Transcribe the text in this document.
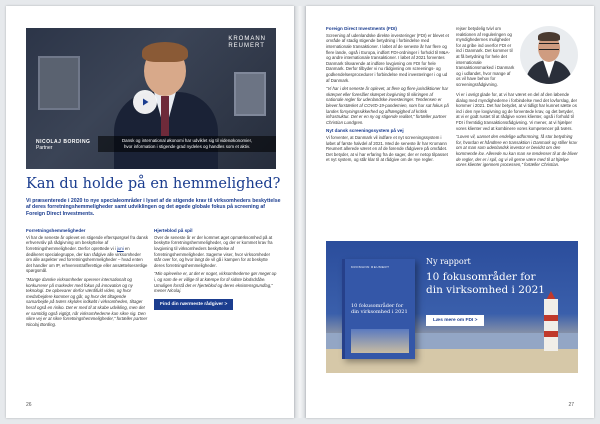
KROMANN
REUMERT
NICOLAJ BORDING
Partner
Dansk og international økonomi har udviklet sig til videnøkonomier,
hvor information i stigende grad nydeles og handles som et aktiv.
Kan du holde på en hemmelighed?
Vi præsenterede i 2020 to nye specialeområder i lyset af de stigende krav til virksomheders beskyttelse af deres forretningshemmeligheder samt udviklingen og det øgede globale fokus på screening af Foreign Direct Investments.
Forretningshemmeligheder

Vi har de seneste år oplevet en stigende efterspørgsel fra dansk erhvervsliv på rådgivning om beskyttelse af forretningshemmeligheder. Derfor oprettede vi i juni en dedikeret specialegruppe, der kan rådgive alle virksomheder om alle aspekter ved forretningshemmeligheder – hvad enten det handler om IP, erhvervsstrafferettige eller ansættelsesretlige spørgsmål.

"Mange danske virksomheder opererer internationalt og konkurrerer på markeder med fokus på innovation og ny teknologi. De opbevarer derfor værdifuld viden, og hvor medarbejdere kommer og går, og hvor det tiltagende samarbejde på tværs skyldes indkøbt i virksomheden, tiltager heraf også en risiko. Det er med til at skabe udvikling, men det er samtidig også vigtigt, når virksomhederne kan sikre sig. Den sikre vej er at sikre forretningshemmeligheder," fortæller partner Nicolaj Bording.

Hjerteblod på spil

Over de seneste år er der kommet øget opmærksomhed på at beskytte forretningshemmeligheder, og der er kommet krav fra lovgivning til virksomheders beskyttelse af forretningshemmeligheder. Sagerne viser, hvor virksomheder står over for, og hvor langt de vil gå i kampen for at beskytte deres forretningshemmeligheder.

"Min oplevelse er, at det er noget, virksomhederne gør meget op i, og som de er villige til at kæmpe for til sidste blodsdråbe. Umuligen forstå det er hjerteblod og deres eksistensgrundlag," mener Nicolaj.

Find din nærmeste rådgiver >
26
Foreign Direct Investments (FDI)

Screening af udenlandske direkte investeringer (FDI) er blevet et område af stadig stigende betydning i forbindelse med internationale transaktioner. I løbet af de seneste år har flere og flere lande, også i Europa, indført FDI-ordninger i forhold til M&A- og andre internationale transaktioner. I løbet af 2021 forventes Danmark tilsvarende at indføre lovgivning om FDI for hele Danmark. Derfor tilbyder vi nu rådgivning om screenings- og godkendelsesprocedurer i forbindelse med investeringer i og ud af Danmark.

"Vi har i det seneste år oplevet, at flere og flere jurisdiktioner har skærpet eller foreslået skærpet lovgivning til sikringen af nationale regler for udenlandske investeringer. Tendensen er blevet forstærket af COVID-19-pandemien, som har sat fokus på landes forsyningssikkerhed og afhængighed af kritisk infrastruktur. Det er en ny og stigende realitet," fortæller partner Christian Lundgren.

Nyt dansk screeningssystem på vej

Vi forventer, at Danmark vil indføre et nyt screeningssystem i løbet af første halvdel af 2021. Med de seneste år har Kromann Reumert allerede været en af de førende rådgivere på området. Det betyder, at vi har erfaring fra de sager, der er netop tilpasset et nyt system, og står klar til at rådgive om de nye regler.

rejser betydelig tvivl om reaktionen af reguleringen og myndighedernes muligheder for at gribe ind overfor FDI er ind i Danmark. Det kommer til at få betydning for hele det internationale transaktionsmarked i Danmark og i udlandet, hvor mange af os vil have behov for screeningsrådgivning.

Vi er i øvrigt glade for, at vi har været en del af den løbende dialog med myndighederne i forbindelse med det lovforslag, der kommer i 2021. Det har betydet, at vi tidligt har kunnet sætte os ind i den nye lovgivning og de forventede krav, og det betyder, at vi er godt rustet til at rådgive vores klienter, også i forhold til FDI i fremtidig transaktionsrådgivning. Vi mener, at vi hjælper vores klienter ved at kombinere vores kompetencer på tværs.

"Loven vil, uanset den endelige udformning, få stor betydning for, hvordan et håndtere en transaktion i Danmark og stiller krav om at man som udenlandsk investor er bevidst om den kommende lov. Allerede nu kan man se tendenser til at de bliver de regler, der er i spil, og vi vil gerne være med til at hjælpe vores klienter igennem processen," fortæller Christian.

KROMANN REUMERT
10 fokusområder for din virksomhed i 2021
Ny rapport
10 fokusområder for din virksomhed i 2021
Læs mere om FDI >
27
